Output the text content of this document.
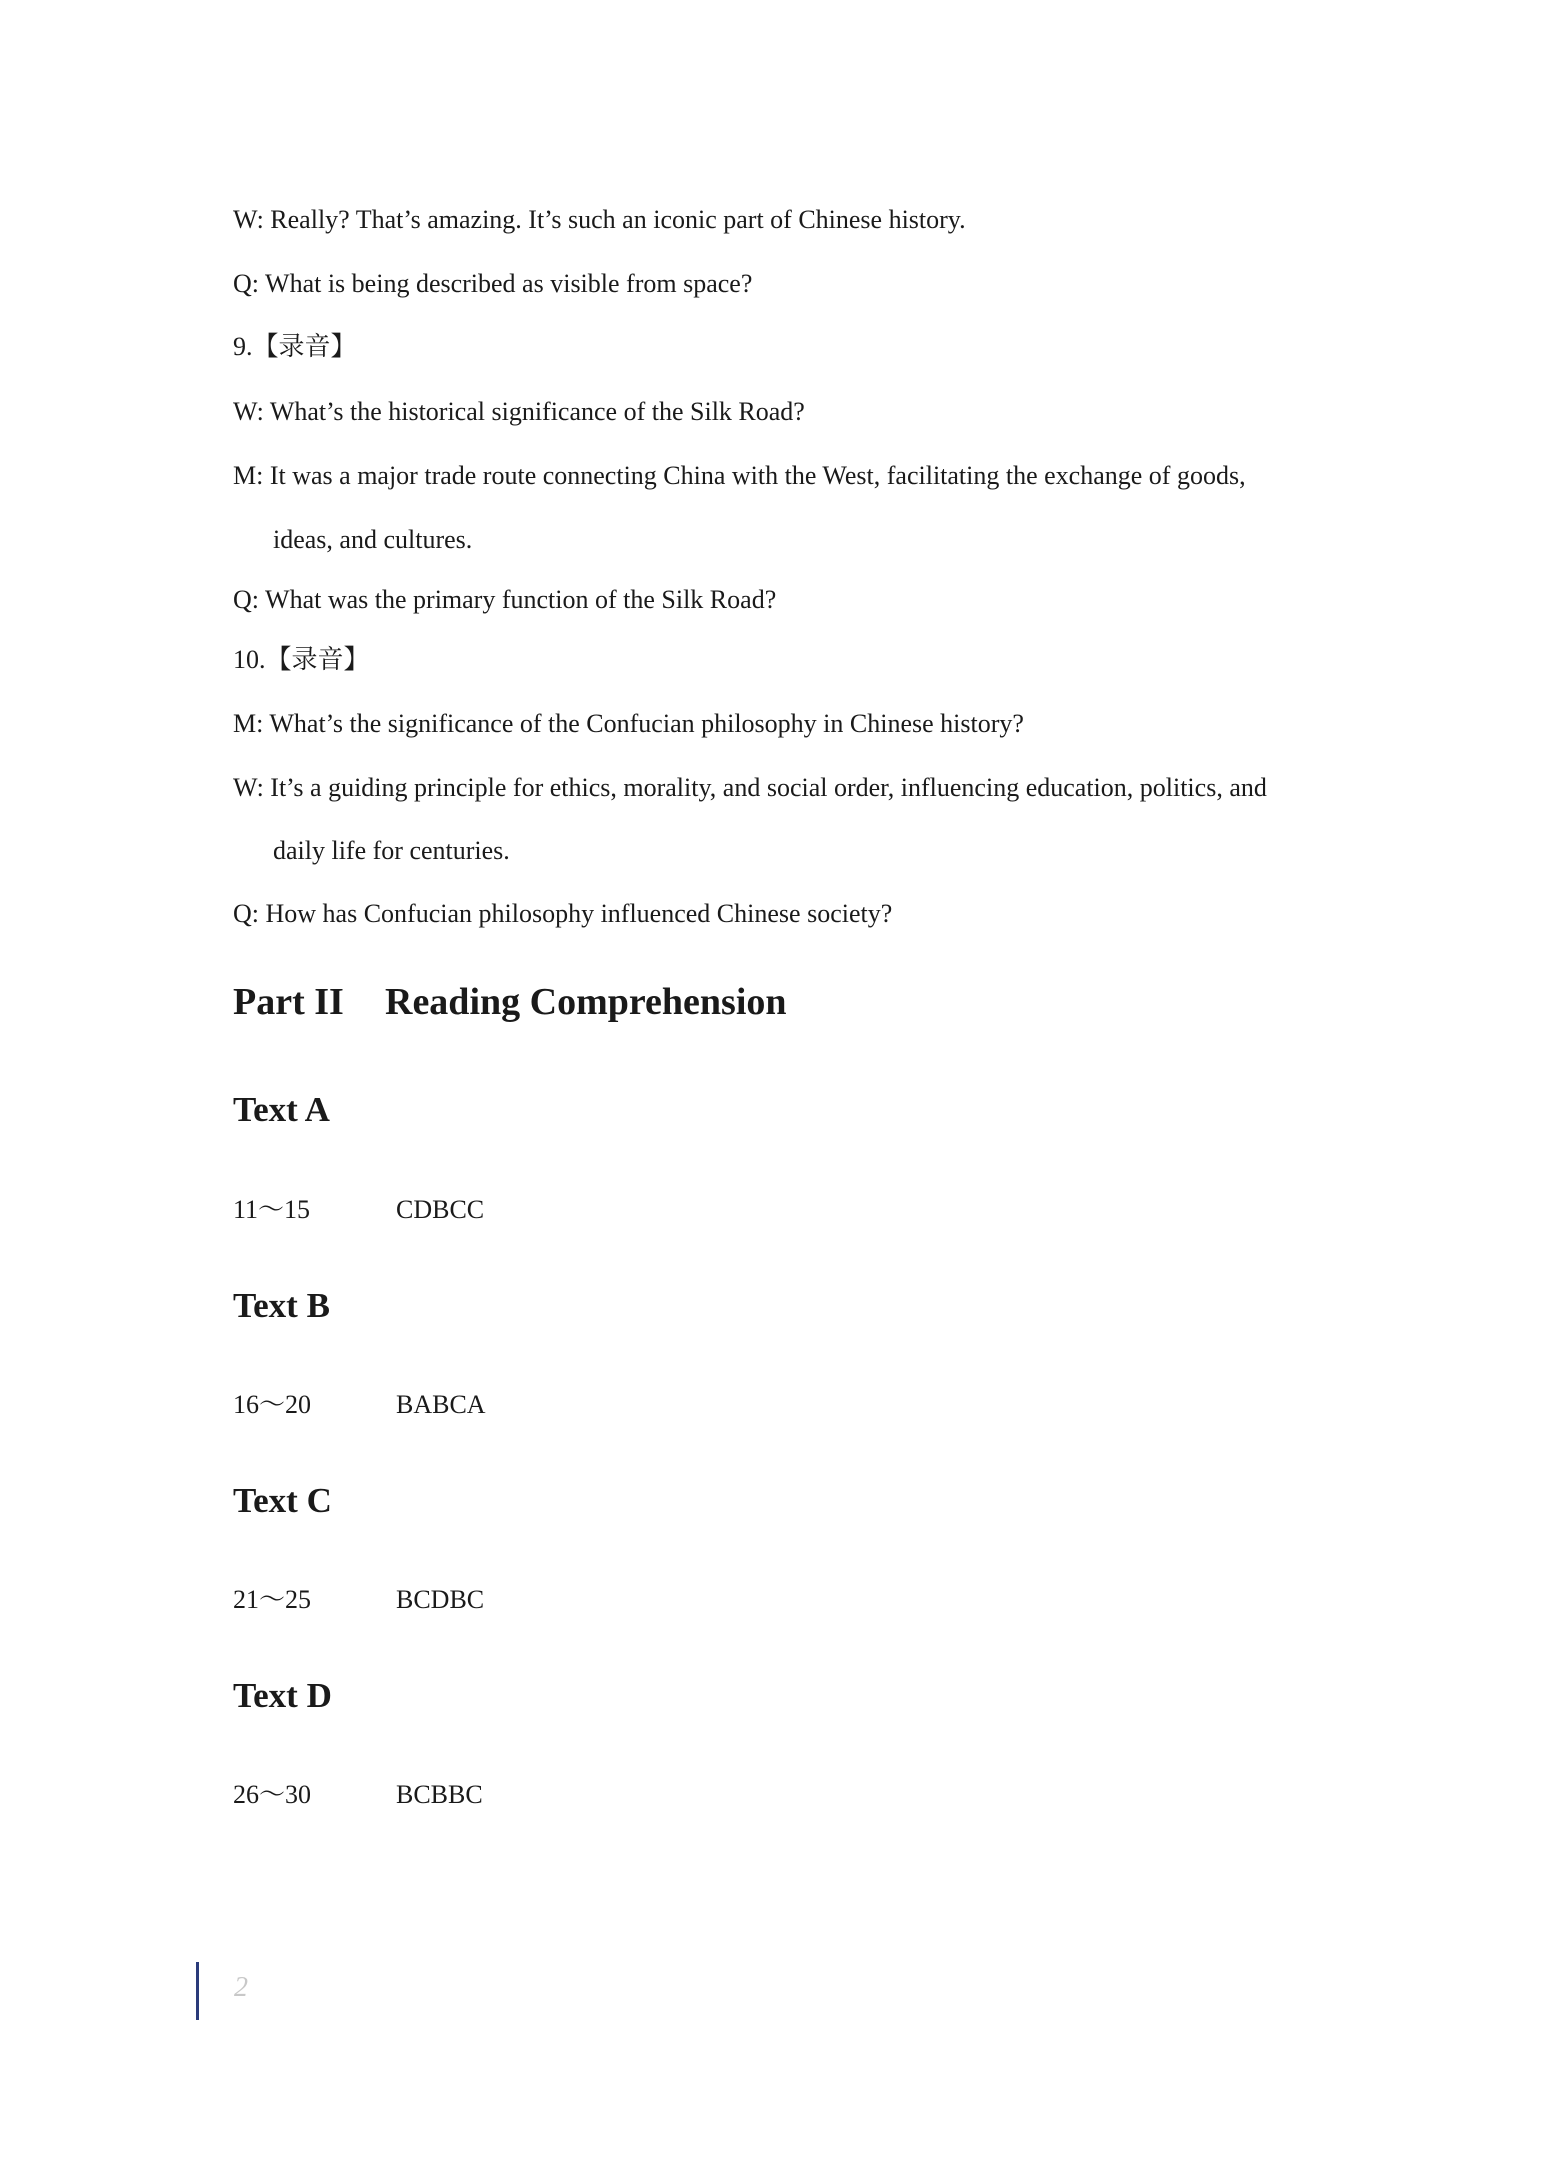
W: Really? That’s amazing. It’s such an iconic part of Chinese history.
Q: What is being described as visible from space?
9.【录音】
W: What’s the historical significance of the Silk Road?
M: It was a major trade route connecting China with the West, facilitating the exchange of goods,
ideas, and cultures.
Q: What was the primary function of the Silk Road?
10.【录音】
M: What’s the significance of the Confucian philosophy in Chinese history?
W: It’s a guiding principle for ethics, morality, and social order, influencing education, politics, and
daily life for centuries.
Q: How has Confucian philosophy influenced Chinese society?
Part II Reading Comprehension
Text A
11～15	CDBCC
Text B
16～20	BABCA
Text C
21～25	BCDBC
Text D
26～30	BCBBC
2
